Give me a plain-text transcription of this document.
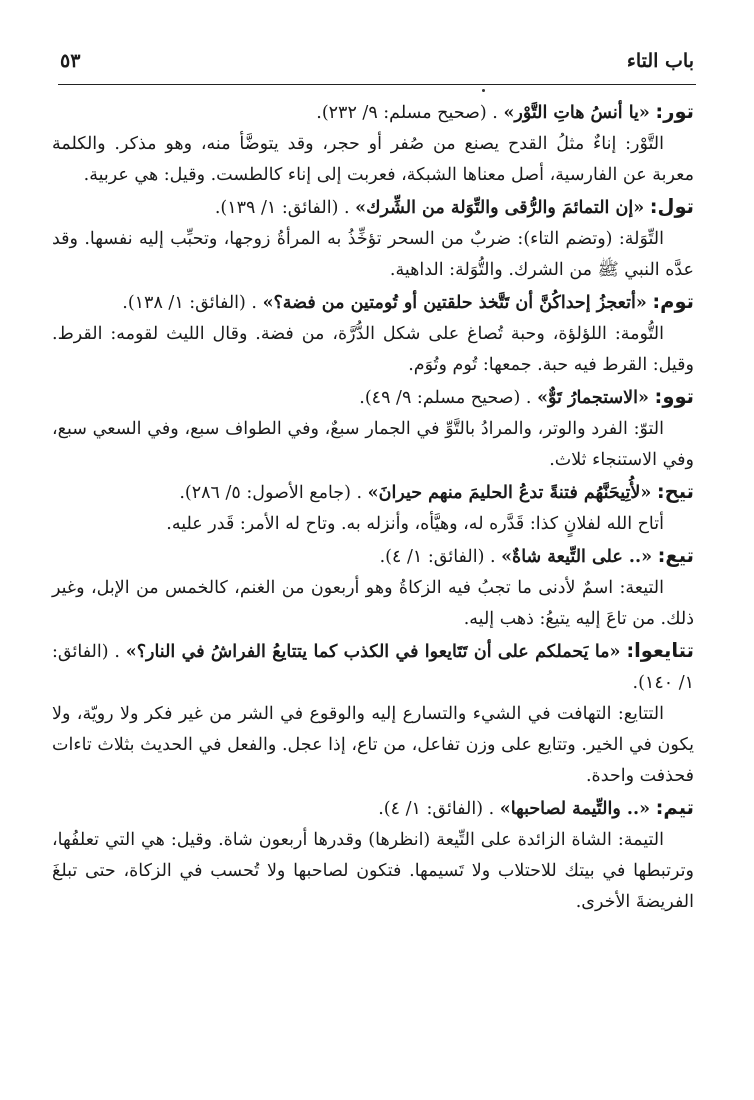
باب التاء
٥٣
تور: «يا أنسُ هاتِ التَّوْر» . (صحيح مسلم: ٩/ ٢٣٢).

التَّوْر: إناءٌ مثلُ القدح يصنع من صُفر أو حجر، وقد يتوضَّأ منه، وهو مذكر. والكلمة معربة عن الفارسية، أصل معناها الشبكة، فعربت إلى إناء كالطست. وقيل: هي عربية.

تول: «إن التمائمَ والرُّقى والتِّوَلة من الشِّرك» . (الفائق: ١/ ١٣٩).

التِّوَلة: (وتضم التاء): ضربٌ من السحر تؤخِّذُ به المرأةُ زوجها، وتحبِّب إليه نفسها. وقد عدَّه النبي ﷺ من الشرك. والتُّوَلة: الداهية.

توم: «أتعجزُ إحداكُنَّ أن تَتَّخذ حلقتين أو تُومتين من فضة؟» . (الفائق: ١/ ١٣٨).

التُّومة: اللؤلؤة، وحبة تُصاغ على شكل الدُّرَّة، من فضة. وقال الليث لقومه: القرط. وقيل: القرط فيه حبة. جمعها: تُوم وتُوَم.

توو: «الاستجمارُ تَوٌّ» . (صحيح مسلم: ٩/ ٤٩).

التوّ: الفرد والوتر، والمرادُ بالتَّوِّ في الجمار سبعٌ، وفي الطواف سبع، وفي السعي سبع، وفي الاستنجاء ثلاث.

تيح: «لأُتِيحَنَّهُم فتنةً تدعُ الحليمَ منهم حيرانَ» . (جامع الأصول: ٥/ ٢٨٦).

أتاح الله لفلانٍ كذا: قَدَّره له، وهيَّأه، وأنزله به. وتاح له الأمر: قَدر عليه.

تيع: «.. على التِّيعة شاةٌ» . (الفائق: ١/ ٤).

التيعة: اسمٌ لأدنى ما تجبُ فيه الزكاةُ وهو أربعون من الغنم، كالخمس من الإبل، وغير ذلك. من تاعَ إليه يتيعُ: ذهب إليه.

تتايعوا: «ما يَحملكم على أن تَتَايعوا في الكذب كما يتتايعُ الفراشُ في النار؟» . (الفائق: ١/ ١٤٠).

التتايع: التهافت في الشيء والتسارع إليه والوقوع في الشر من غير فكر ولا رويّة، ولا يكون في الخير. وتتايع على وزن تفاعل، من تاع، إذا عجل. والفعل في الحديث بثلاث تاءات فحذفت واحدة.

تيم: «.. والتِّيمة لصاحبها» . (الفائق: ١/ ٤).

التيمة: الشاة الزائدة على التِّيعة (انظرها) وقدرها أربعون شاة. وقيل: هي التي تعلفُها، وترتبطها في بيتك للاحتلاب ولا تَسيمها. فتكون لصاحبها ولا تُحسب في الزكاة، حتى تبلغَ الفريضةَ الأخرى.
